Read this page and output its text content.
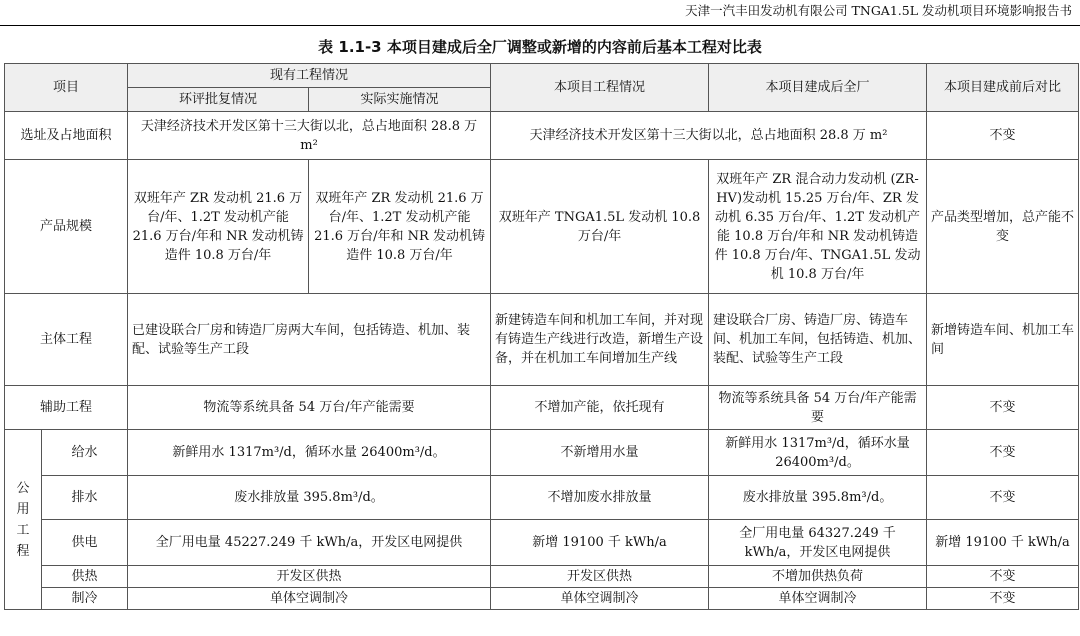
天津一汽丰田发动机有限公司 TNGA1.5L 发动机项目环境影响报告书
表 1.1-3 本项目建成后全厂调整或新增的内容前后基本工程对比表
项目		现有工程情况		本项目工程情况	本项目建成后全厂	本项目建成前后对比
		环评批复情况	实际实施情况			
选址及占地面积		天津经济技术开发区第十三大街以北，总占地面积 28.8 万 m²		天津经济技术开发区第十三大街以北，总占地面积 28.8 万 m²		不变
产品规模		双班年产 ZR 发动机 21.6 万台/年、1.2T 发动机产能 21.6 万台/年和 NR 发动机铸造件 10.8 万台/年	双班年产 ZR 发动机 21.6 万台/年、1.2T 发动机产能 21.6 万台/年和 NR 发动机铸造件 10.8 万台/年	双班年产 TNGA1.5L 发动机 10.8 万台/年	双班年产 ZR 混合动力发动机 (ZR-HV)发动机 15.25 万台/年、ZR 发动机 6.35 万台/年、1.2T 发动机产能 10.8 万台/年和 NR 发动机铸造件 10.8 万台/年、TNGA1.5L 发动机 10.8 万台/年	产品类型增加，总产能不变
主体工程		已建设联合厂房和铸造厂房两大车间，包括铸造、机加、装配、试验等生产工段		新建铸造车间和机加工车间，并对现有铸造生产线进行改造，新增生产设备，并在机加工车间增加生产线	建设联合厂房、铸造厂房、铸造车间、机加工车间，包括铸造、机加、装配、试验等生产工段	新增铸造车间、机加工车间
辅助工程		物流等系统具备 54 万台/年产能需要		不增加产能，依托现有	物流等系统具备 54 万台/年产能需要	不变
公用工程	给水	新鲜用水 1317m³/d，循环水量 26400m³/d。		不新增用水量	新鲜用水 1317m³/d，循环水量 26400m³/d。	不变
	排水	废水排放量 395.8m³/d。		不增加废水排放量	废水排放量 395.8m³/d。	不变
	供电	全厂用电量 45227.249 千 kWh/a，开发区电网提供		新增 19100 千 kWh/a	全厂用电量 64327.249 千 kWh/a，开发区电网提供	新增 19100 千 kWh/a
	供热	开发区供热		开发区供热	不增加供热负荷	不变
	制冷	单体空调制冷		单体空调制冷	单体空调制冷	不变
